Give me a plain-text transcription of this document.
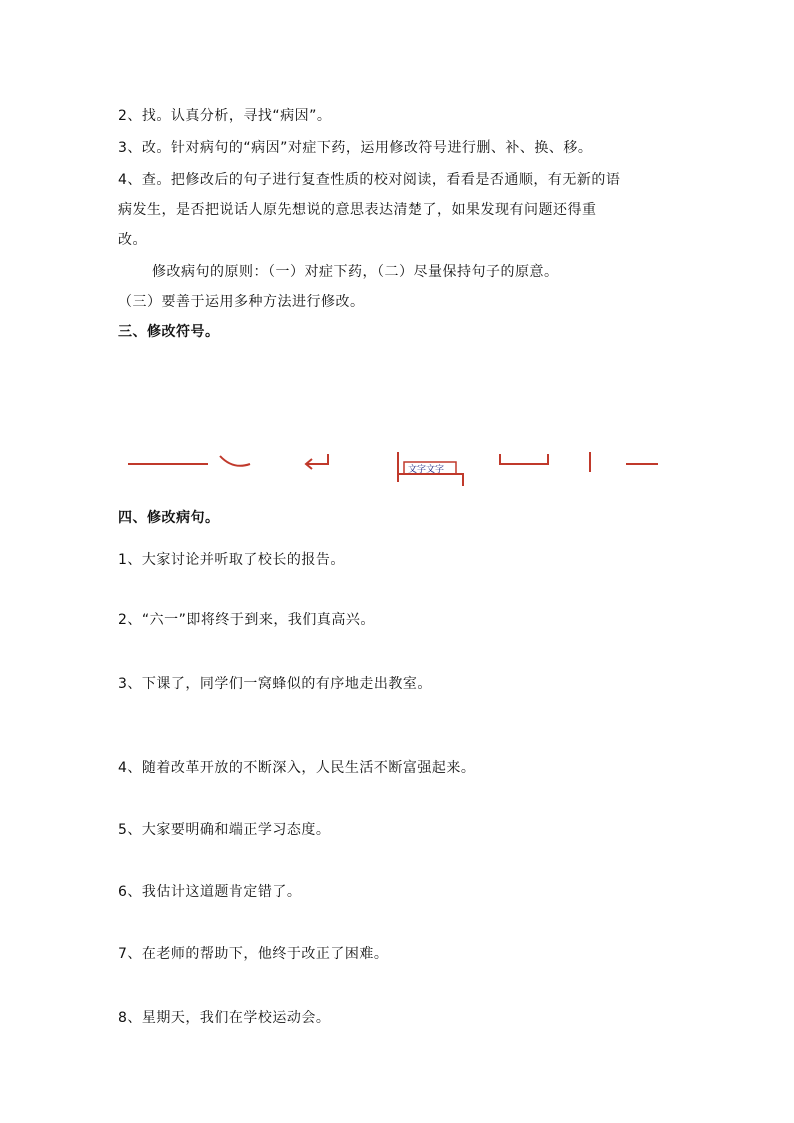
2、找。认真分析，寻找“病因”。
3、改。针对病句的“病因”对症下药，运用修改符号进行删、补、换、移。
4、查。把修改后的句子进行复查性质的校对阅读，看看是否通顺，有无新的语
病发生，是否把说话人原先想说的意思表达清楚了，如果发现有问题还得重
改。
修改病句的原则：（一）对症下药，（二）尽量保持句子的原意。
（三）要善于运用多种方法进行修改。
三、修改符号。
文字文字
四、修改病句。
1、大家讨论并听取了校长的报告。
2、“六一”即将终于到来，我们真高兴。
3、下课了，同学们一窝蜂似的有序地走出教室。
4、随着改革开放的不断深入，人民生活不断富强起来。
5、大家要明确和端正学习态度。
6、我估计这道题肯定错了。
7、在老师的帮助下，他终于改正了困难。
8、星期天，我们在学校运动会。
